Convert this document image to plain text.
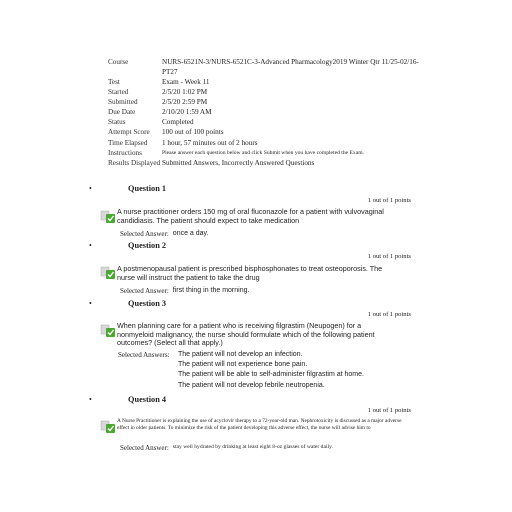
Course	NURS-6521N-3/NURS-6521C-3-Advanced Pharmacology2019 Winter Qtr 11/25-02/16-PT27
Test	Exam - Week 11
Started	2/5/20 1:02 PM
Submitted	2/5/20 2:59 PM
Due Date	2/10/20 1:59 AM
Status	Completed
Attempt Score	100 out of 100 points
Time Elapsed	1 hour, 57 minutes out of 2 hours
Instructions	Please answer each question below and click Submit when you have completed the Exam.
Results Displayed Submitted Answers, Incorrectly Answered Questions
•	Question 1
1 out of 1 points
A nurse practitioner orders 150 mg of oral fluconazole for a patient with vulvovaginal candidiasis. The patient should expect to take medication
Selected Answer: once a day.
•	Question 2
1 out of 1 points
A postmenopausal patient is prescribed bisphosphonates to treat osteoporosis. The nurse will instruct the patient to take the drug
Selected Answer: first thing in the morning.
•	Question 3
1 out of 1 points
When planning care for a patient who is receiving filgrastim (Neupogen) for a nonmyeloid malignancy, the nurse should formulate which of the following patient outcomes? (Select all that apply.)
Selected Answers: The patient will not develop an infection.
The patient will not experience bone pain.
The patient will be able to self-administer filgrastim at home.
The patient will not develop febrile neutropenia.
•	Question 4
1 out of 1 points
A Nurse Practitioner is explaining the use of acyclovir therapy to a 72-year-old man. Nephrotoxicity is discussed as a major adverse effect in older patients. To minimize the risk of the patient developing this adverse effect, the nurse will advise him to
Selected Answer: stay well hydrated by drinking at least eight 8-oz glasses of water daily.
